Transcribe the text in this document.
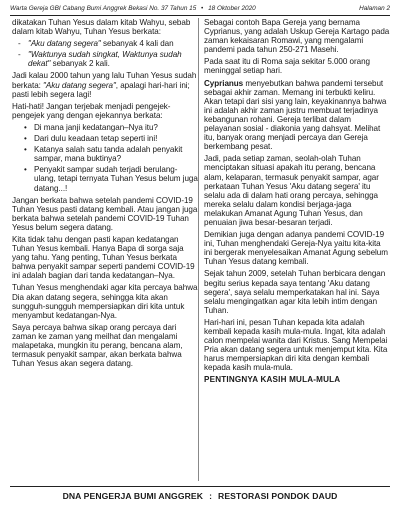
Warta Gereja GBI Cabang Bumi Anggrek Bekasi No. 37 Tahun 15 • 18 Oktober 2020	Halaman 2

dikatakan Tuhan Yesus dalam kitab Wahyu, sebab dalam kitab Wahyu, Tuhan Yesus berkata:

- "Aku datang segera" sebanyak 4 kali dan
- "Waktunya sudah singkat, Waktunya sudah dekat" sebanyak 2 kali.

Jadi kalau 2000 tahun yang lalu Tuhan Yesus sudah berkata: "Aku datang segera", apalagi hari-hari ini; pasti lebih segera lagi!

Hati-hati! Jangan terjebak menjadi pengejek-pengejek yang dengan ejekannya berkata:

• Di mana janji kedatangan–Nya itu?
• Dari dulu keadaan tetap seperti ini!
• Katanya salah satu tanda adalah penyakit sampar, mana buktinya?
• Penyakit sampar sudah terjadi berulang-ulang, tetapi ternyata Tuhan Yesus belum juga datang...!

Jangan berkata bahwa setelah pandemi COVID-19 Tuhan Yesus pasti datang kembali. Atau jangan juga berkata bahwa setelah pandemi COVID-19 Tuhan Yesus belum segera datang.

Kita tidak tahu dengan pasti kapan kedatangan Tuhan Yesus kembali. Hanya Bapa di sorga saja yang tahu. Yang penting, Tuhan Yesus berkata bahwa penyakit sampar seperti pandemi COVID-19 ini adalah bagian dari tanda kedatangan–Nya.

Tuhan Yesus menghendaki agar kita percaya bahwa Dia akan datang segera, sehingga kita akan sungguh-sungguh mempersiapkan diri kita untuk menyambut kedatangan-Nya.

Saya percaya bahwa sikap orang percaya dari zaman ke zaman yang meilhat dan mengalami malapetaka, mungkin itu perang, bencana alam, termasuk penyakit sampar, akan berkata bahwa Tuhan Yesus akan segera datang.

Sebagai contoh Bapa Gereja yang bernama Cyprianus, yang adalah Uskup Gereja Kartago pada zaman kekaisaran Romawi, yang mengalami pandemi pada tahun 250-271 Masehi.

Pada saat itu di Roma saja sekitar 5.000 orang meninggal setiap hari.

Cyprianus menyebutkan bahwa pandemi tersebut sebagai akhir zaman. Memang ini terbukti keliru. Akan tetapi dari sisi yang lain, keyakinannya bahwa ini adalah akhir zaman justru membuat terjadinya kebangunan rohani. Gereja terlibat dalam pelayanan sosial - diakonia yang dahsyat. Melihat itu, banyak orang menjadi percaya dan Gereja berkembang pesat.

Jadi, pada setiap zaman, seolah-olah Tuhan menciptakan situasi apakah itu perang, bencana alam, kelaparan, termasuk penyakit sampar, agar perkataan Tuhan Yesus 'Aku datang segera' itu selalu ada di dalam hati orang percaya, sehingga mereka selalu dalam kondisi berjaga-jaga melakukan Amanat Agung Tuhan Yesus, dan penuaian jiwa besar-besaran terjadi.

Demikian juga dengan adanya pandemi COVID-19 ini, Tuhan menghendaki Gereja-Nya yaitu kita-kita ini bergerak menyelesaikan Amanat Agung sebelum Tuhan Yesus datang kembali.

Sejak tahun 2009, setelah Tuhan berbicara dengan begitu serius kepada saya tentang 'Aku datang segera', saya selalu memperkatakan hal ini. Saya selalu mengingatkan agar kita lebih intim dengan Tuhan.

Hari-hari ini, pesan Tuhan kepada kita adalah kembali kepada kasih mula-mula. Ingat, kita adalah calon mempelai wanita dari Kristus. Sang Mempelai Pria akan datang segera untuk menjemput kita. Kita harus mempersiapkan diri kita dengan kembali kepada kasih mula-mula.

PENTINGNYA KASIH MULA-MULA

DNA PENGERJA BUMI ANGGREK : RESTORASI PONDOK DAUD
